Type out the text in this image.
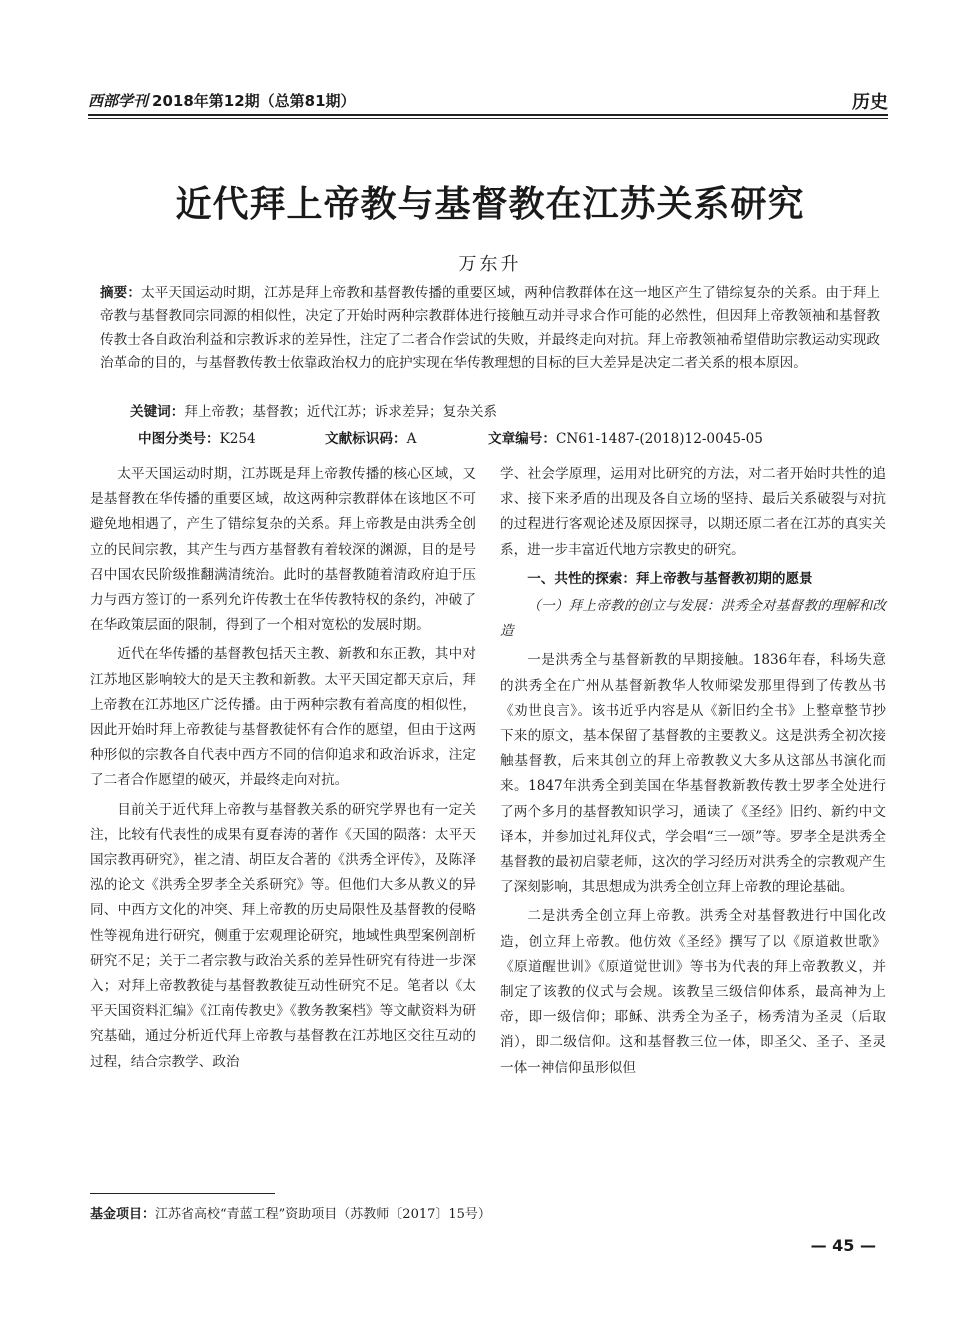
西部学刊 2018年第12期（总第81期）	历史
近代拜上帝教与基督教在江苏关系研究
万东升
摘要：太平天国运动时期，江苏是拜上帝教和基督教传播的重要区域，两种信教群体在这一地区产生了错综复杂的关系。由于拜上帝教与基督教同宗同源的相似性，决定了开始时两种宗教群体进行接触互动并寻求合作可能的必然性，但因拜上帝教领袖和基督教传教士各自政治利益和宗教诉求的差异性，注定了二者合作尝试的失败，并最终走向对抗。拜上帝教领袖希望借助宗教运动实现政治革命的目的，与基督教传教士依靠政治权力的庇护实现在华传教理想的目标的巨大差异是决定二者关系的根本原因。
关键词：拜上帝教；基督教；近代江苏；诉求差异；复杂关系
中图分类号：K254	文献标识码：A	文章编号：CN61-1487-(2018)12-0045-05

太平天国运动时期，江苏既是拜上帝教传播的核心区域，又是基督教在华传播的重要区域，故这两种宗教群体在该地区不可避免地相遇了，产生了错综复杂的关系。拜上帝教是由洪秀全创立的民间宗教，其产生与西方基督教有着较深的渊源，目的是号召中国农民阶级推翻满清统治。此时的基督教随着清政府迫于压力与西方签订的一系列允许传教士在华传教特权的条约，冲破了在华政策层面的限制，得到了一个相对宽松的发展时期。

近代在华传播的基督教包括天主教、新教和东正教，其中对江苏地区影响较大的是天主教和新教。太平天国定都天京后，拜上帝教在江苏地区广泛传播。由于两种宗教有着高度的相似性，因此开始时拜上帝教徒与基督教徒怀有合作的愿望，但由于这两种形似的宗教各自代表中西方不同的信仰追求和政治诉求，注定了二者合作愿望的破灭，并最终走向对抗。

目前关于近代拜上帝教与基督教关系的研究学界也有一定关注，比较有代表性的成果有夏春涛的著作《天国的陨落：太平天国宗教再研究》，崔之清、胡臣友合著的《洪秀全评传》，及陈泽泓的论文《洪秀全罗孝全关系研究》等。但他们大多从教义的异同、中西方文化的冲突、拜上帝教的历史局限性及基督教的侵略性等视角进行研究，侧重于宏观理论研究，地域性典型案例剖析研究不足；关于二者宗教与政治关系的差异性研究有待进一步深入；对拜上帝教教徒与基督教教徒互动性研究不足。笔者以《太平天国资料汇编》《江南传教史》《教务教案档》等文献资料为研究基础，通过分析近代拜上帝教与基督教在江苏地区交往互动的过程，结合宗教学、政治

学、社会学原理，运用对比研究的方法，对二者开始时共性的追求、接下来矛盾的出现及各自立场的坚持、最后关系破裂与对抗的过程进行客观论述及原因探寻，以期还原二者在江苏的真实关系，进一步丰富近代地方宗教史的研究。

一、共性的探索：拜上帝教与基督教初期的愿景
（一）拜上帝教的创立与发展：洪秀全对基督教的理解和改造

一是洪秀全与基督新教的早期接触。1836年春，科场失意的洪秀全在广州从基督新教华人牧师梁发那里得到了传教丛书《劝世良言》。该书近乎内容是从《新旧约全书》上整章整节抄下来的原文，基本保留了基督教的主要教义。这是洪秀全初次接触基督教，后来其创立的拜上帝教教义大多从这部丛书演化而来。1847年洪秀全到美国在华基督教新教传教士罗孝全处进行了两个多月的基督教知识学习，通读了《圣经》旧约、新约中文译本，并参加过礼拜仪式，学会唱“三一颂”等。罗孝全是洪秀全基督教的最初启蒙老师，这次的学习经历对洪秀全的宗教观产生了深刻影响，其思想成为洪秀全创立拜上帝教的理论基础。

二是洪秀全创立拜上帝教。洪秀全对基督教进行中国化改造，创立拜上帝教。他仿效《圣经》撰写了以《原道救世歌》《原道醒世训》《原道觉世训》等书为代表的拜上帝教教义，并制定了该教的仪式与会规。该教呈三级信仰体系，最高神为上帝，即一级信仰；耶稣、洪秀全为圣子，杨秀清为圣灵（后取消），即二级信仰。这和基督教三位一体，即圣父、圣子、圣灵一体一神信仰虽形似但

基金项目：江苏省高校“青蓝工程”资助项目（苏教师〔2017〕15号）
— 45 —
